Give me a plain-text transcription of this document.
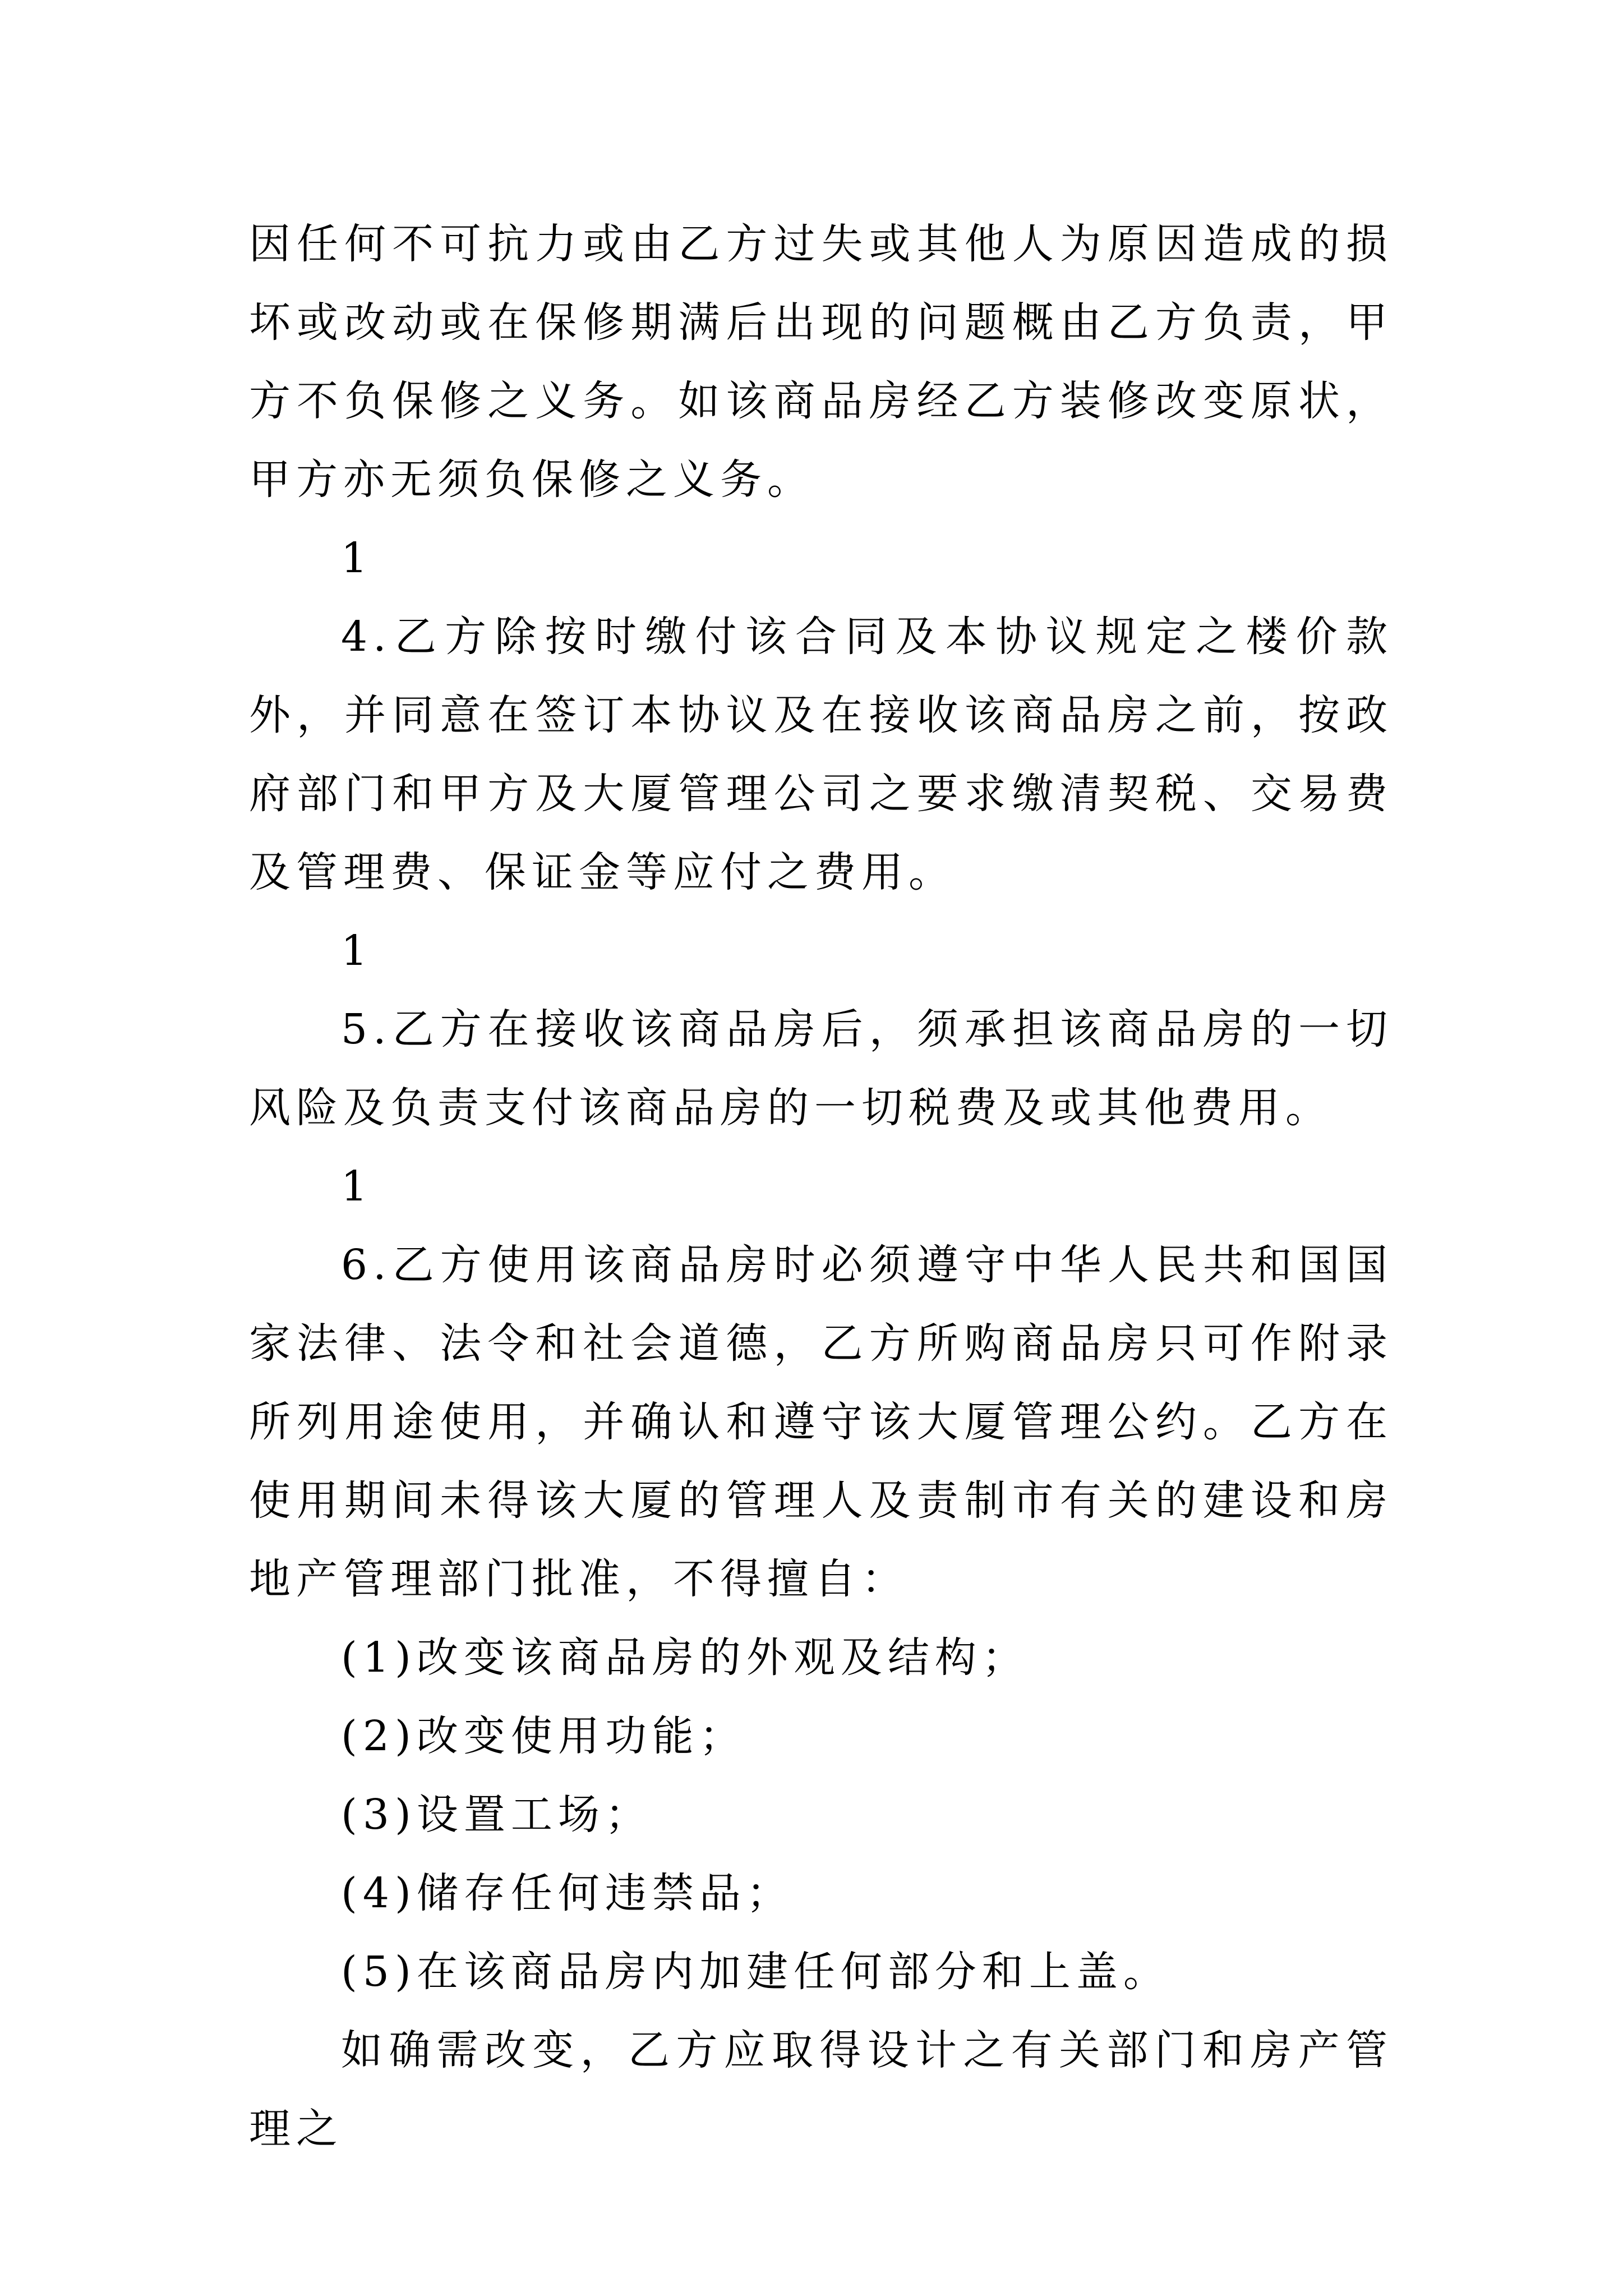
因任何不可抗力或由乙方过失或其他人为原因造成的损坏或改动或在保修期满后出现的问题概由乙方负责，甲方不负保修之义务。如该商品房经乙方装修改变原状，甲方亦无须负保修之义务。

1

4.乙方除按时缴付该合同及本协议规定之楼价款外，并同意在签订本协议及在接收该商品房之前，按政府部门和甲方及大厦管理公司之要求缴清契税、交易费及管理费、保证金等应付之费用。

1

5.乙方在接收该商品房后，须承担该商品房的一切风险及负责支付该商品房的一切税费及或其他费用。

1

6.乙方使用该商品房时必须遵守中华人民共和国国家法律、法令和社会道德，乙方所购商品房只可作附录所列用途使用，并确认和遵守该大厦管理公约。乙方在使用期间未得该大厦的管理人及责制市有关的建设和房地产管理部门批准，不得擅自：

(1)改变该商品房的外观及结构；

(2)改变使用功能；

(3)设置工场；

(4)储存任何违禁品；

(5)在该商品房内加建任何部分和上盖。

如确需改变，乙方应取得设计之有关部门和房产管理之
